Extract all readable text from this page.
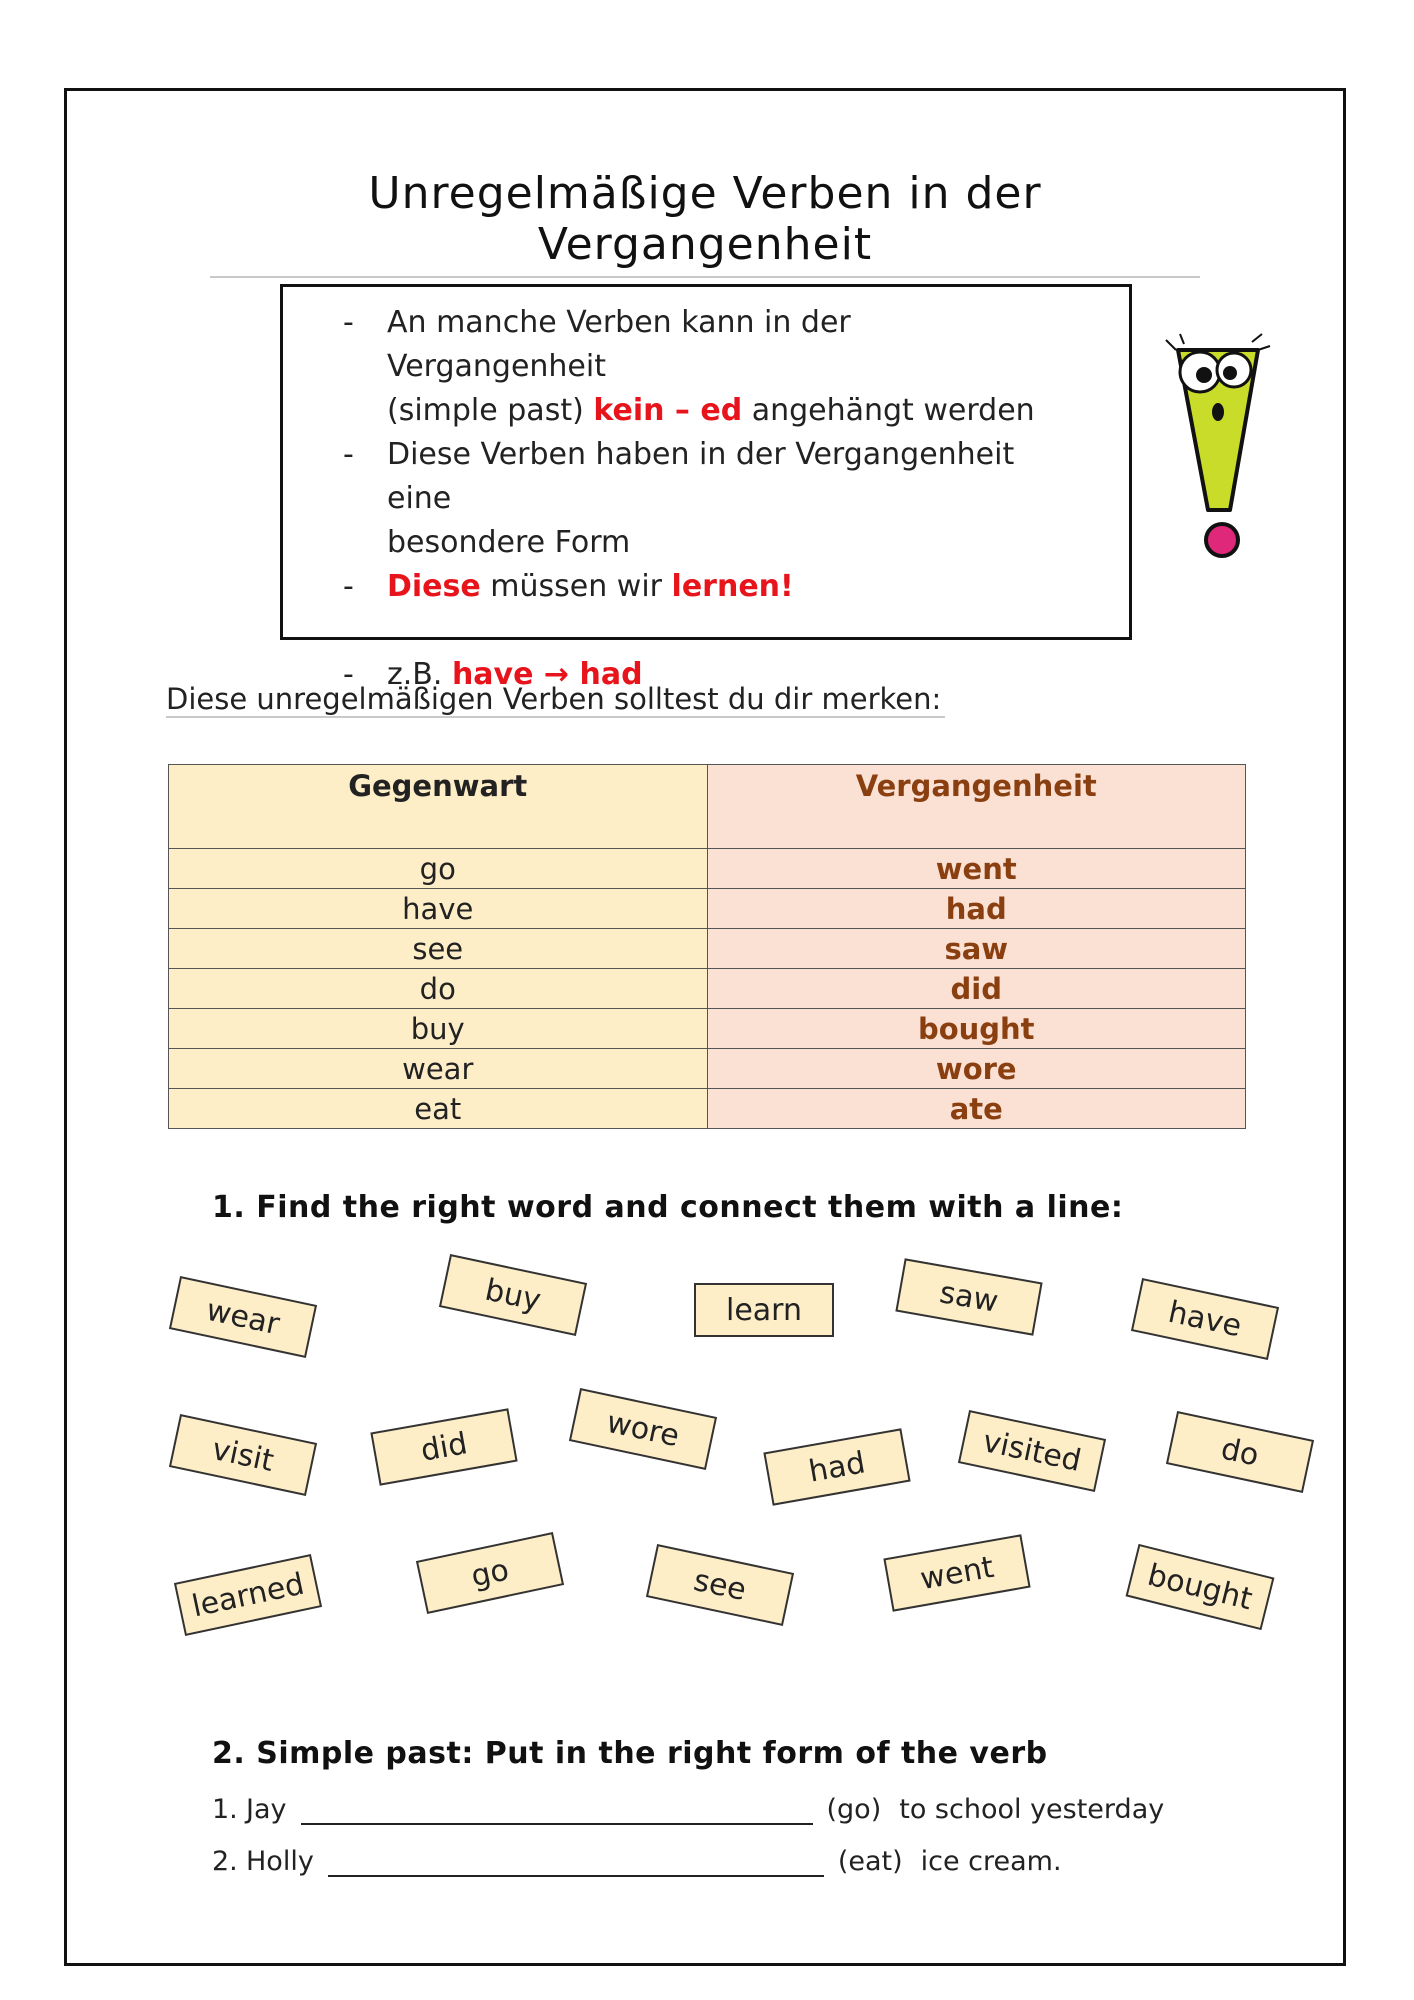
Unregelmäßige Verben in der Vergangenheit
-	An manche Verben kann in der Vergangenheit
(simple past) kein – ed angehängt werden
-	Diese Verben haben in der Vergangenheit eine
besondere Form
-	Diese müssen wir lernen!
-	z.B. have → had
Diese unregelmäßigen Verben solltest du dir merken:
Gegenwart	Vergangenheit
go	went
have	had
see	saw
do	did
buy	bought
wear	wore
eat	ate
1. Find the right word and connect them with a line:
wear	buy	learn	saw	have
visit	did	wore
had	visited	do
learned	go	see	went	bought
2. Simple past: Put in the right form of the verb
1. Jay	(go) to school yesterday
2. Holly	(eat) ice cream.
